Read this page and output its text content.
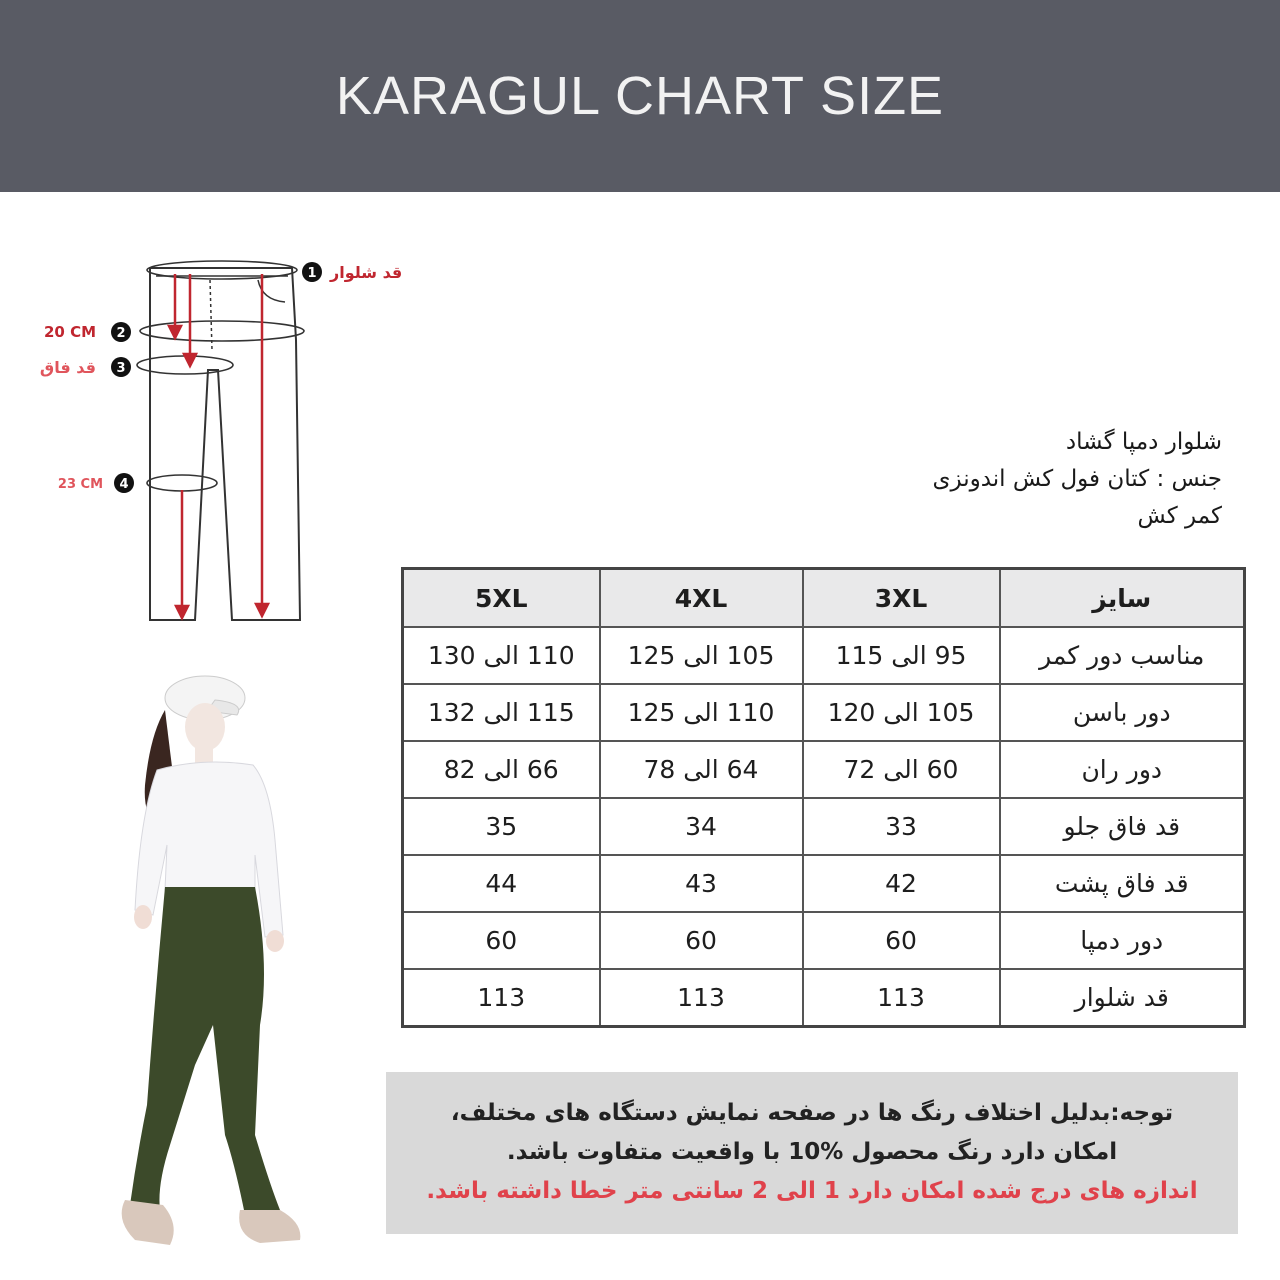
KARAGUL CHART SIZE
1 قد شلوار
2
20 CM
3
قد فاق
4
23 CM
شلوار دمپا گشاد
جنس : کتان فول کش اندونزی
کمر کش
سایز	3XL	4XL	5XL
مناسب دور کمر	95 الی 115	105 الی 125	110 الی 130
دور باسن	105 الی 120	110 الی 125	115 الی 132
دور ران	60 الی 72	64 الی 78	66 الی 82
قد فاق جلو	33	34	35
قد فاق پشت	42	43	44
دور دمپا	60	60	60
قد شلوار	113	113	113
توجه:بدلیل اختلاف رنگ ها در صفحه نمایش دستگاه های مختلف،
امکان دارد رنگ محصول %10 با واقعیت متفاوت باشد.
اندازه های درج شده امکان دارد 1 الی 2 سانتی متر خطا داشته باشد.
